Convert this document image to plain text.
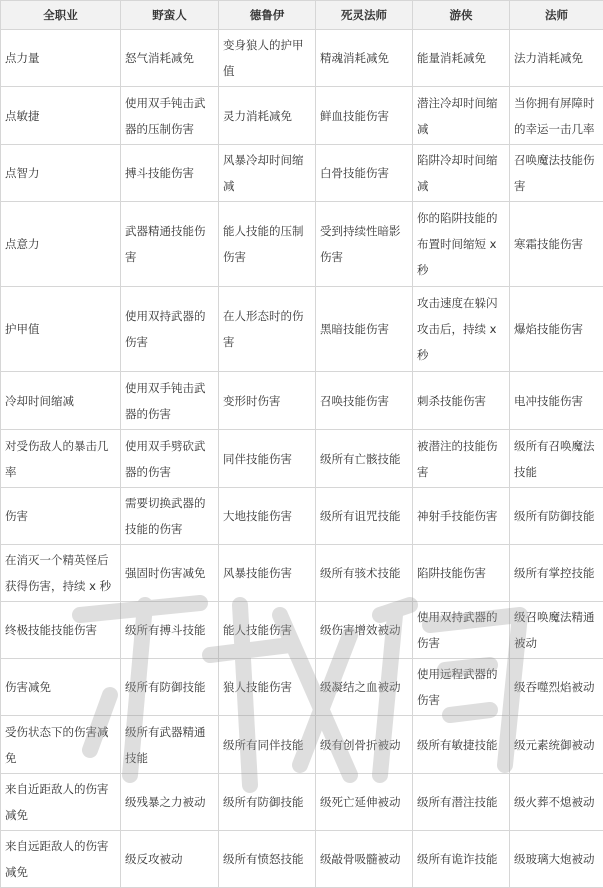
全职业	野蛮人	德鲁伊	死灵法师	游侠	法师
点力量	怒气消耗减免	变身狼人的护甲值	精魂消耗减免	能量消耗减免	法力消耗减免
点敏捷	使用双手钝击武器的压制伤害	灵力消耗减免	鲜血技能伤害	潜注冷却时间缩减	当你拥有屏障时的幸运一击几率
点智力	搏斗技能伤害	风暴冷却时间缩减	白骨技能伤害	陷阱冷却时间缩减	召唤魔法技能伤害
点意力	武器精通技能伤害	能人技能的压制伤害	受到持续性暗影伤害	你的陷阱技能的布置时间缩短 x 秒	寒霜技能伤害
护甲值	使用双持武器的伤害	在人形态时的伤害	黑暗技能伤害	攻击速度在躲闪攻击后，持续 x 秒	爆焰技能伤害
冷却时间缩减	使用双手钝击武器的伤害	变形时伤害	召唤技能伤害	刺杀技能伤害	电冲技能伤害
对受伤敌人的暴击几率	使用双手劈砍武器的伤害	同伴技能伤害	级所有亡骸技能	被潜注的技能伤害	级所有召唤魔法技能
伤害	需要切换武器的技能的伤害	大地技能伤害	级所有诅咒技能	神射手技能伤害	级所有防御技能
在消灭一个精英怪后获得伤害，持续 x 秒	强固时伤害减免	风暴技能伤害	级所有骇术技能	陷阱技能伤害	级所有掌控技能
终极技能技能伤害	级所有搏斗技能	能人技能伤害	级伤害增效被动	使用双持武器的伤害	级召唤魔法精通被动
伤害减免	级所有防御技能	狼人技能伤害	级凝结之血被动	使用远程武器的伤害	级吞噬烈焰被动
受伤状态下的伤害减免	级所有武器精通技能	级所有同伴技能	级有创骨折被动	级所有敏捷技能	级元素统御被动
来自近距敌人的伤害减免	级残暴之力被动	级所有防御技能	级死亡延伸被动	级所有潜注技能	级火葬不熄被动
来自远距敌人的伤害减免	级反攻被动	级所有愤怒技能	级敲骨吸髓被动	级所有诡诈技能	级玻璃大炮被动
